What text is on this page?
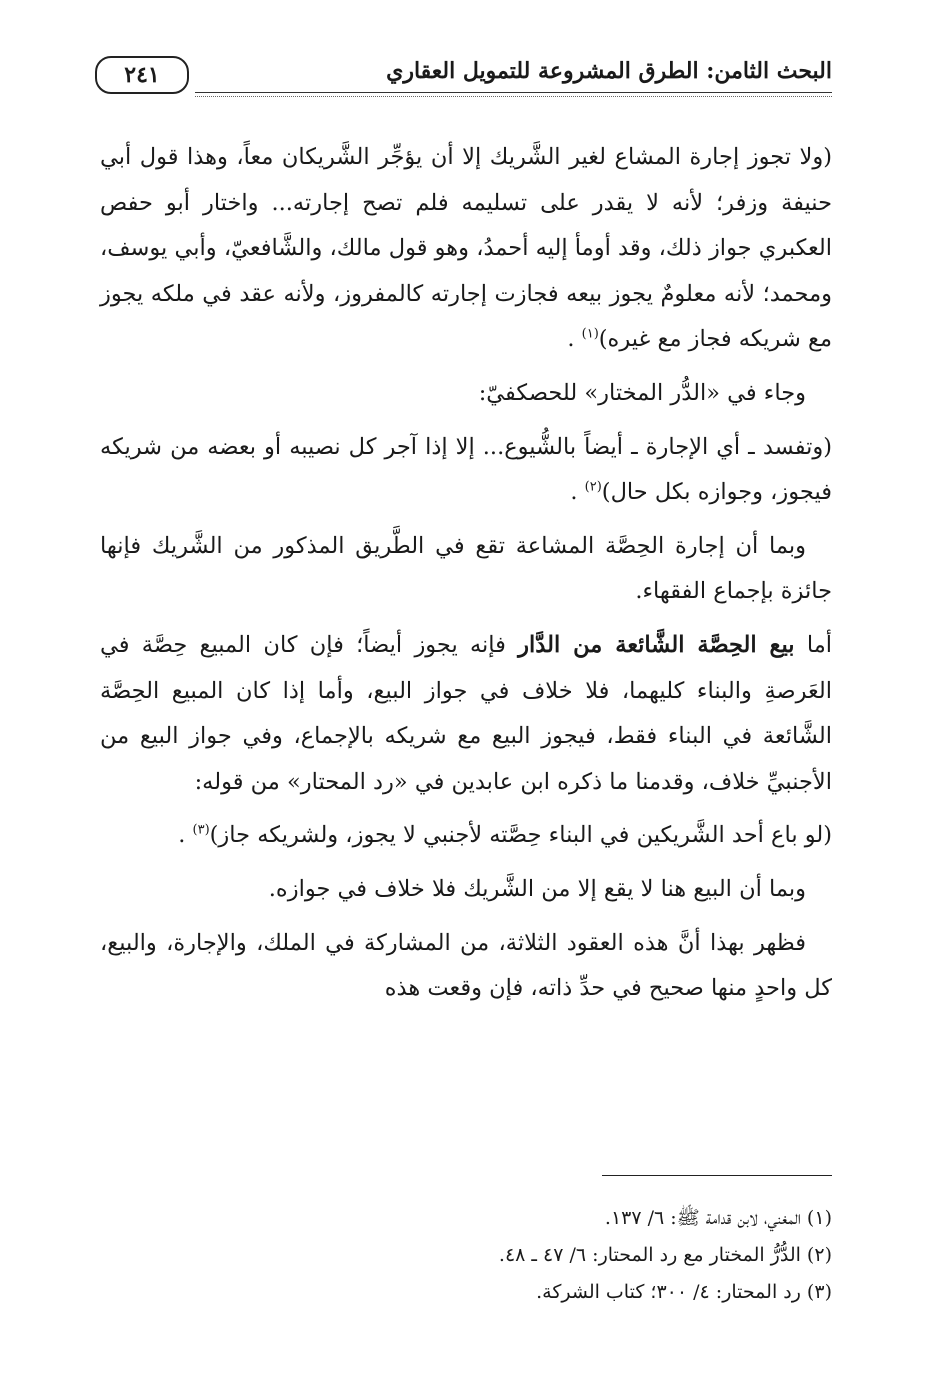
البحث الثامن: الطرق المشروعة للتمويل العقاري
٢٤١

(ولا تجوز إجارة المشاع لغير الشَّريك إلا أن يؤجِّر الشَّريكان معاً، وهذا قول أبي حنيفة وزفر؛ لأنه لا يقدر على تسليمه فلم تصح إجارته... واختار أبو حفص العكبري جواز ذلك، وقد أومأ إليه أحمدُ، وهو قول مالك، والشَّافعيّ، وأبي يوسف، ومحمد؛ لأنه معلومٌ يجوز بيعه فجازت إجارته كالمفروز، ولأنه عقد في ملكه يجوز مع شريكه فجاز مع غيره)$^{(١)}$ .

وجاء في «الدُّر المختار» للحصكفيّ:

(وتفسد ـ أي الإجارة ـ أيضاً بالشُّيوع... إلا إذا آجر كل نصيبه أو بعضه من شريكه فيجوز، وجوازه بكل حال)$^{(٢)}$ .

وبما أن إجارة الحِصَّة المشاعة تقع في الطَّريق المذكور من الشَّريك فإنها جائزة بإجماع الفقهاء.

أما بيع الحِصَّة الشَّائعة من الدَّار فإنه يجوز أيضاً؛ فإن كان المبيع حِصَّة في العَرصةِ والبناء كليهما، فلا خلاف في جواز البيع، وأما إذا كان المبيع الحِصَّة الشَّائعة في البناء فقط، فيجوز البيع مع شريكه بالإجماع، وفي جواز البيع من الأجنبيِّ خلاف، وقدمنا ما ذكره ابن عابدين في «رد المحتار» من قوله:

(لو باع أحد الشَّريكين في البناء حِصَّته لأجنبي لا يجوز، ولشريكه جاز)$^{(٣)}$ .

وبما أن البيع هنا لا يقع إلا من الشَّريك فلا خلاف في جوازه.

فظهر بهذا أنَّ هذه العقود الثلاثة، من المشاركة في الملك، والإجارة، والبيع، كل واحدٍ منها صحيح في حدِّ ذاته، فإن وقعت هذه

(١) المغني، لابن قدامة ﷺ: ٦/ ١٣٧.
(٢) الدُّرُّ المختار مع رد المحتار: ٦/ ٤٧ ـ ٤٨.
(٣) رد المحتار: ٤/ ٣٠٠؛ كتاب الشركة.
